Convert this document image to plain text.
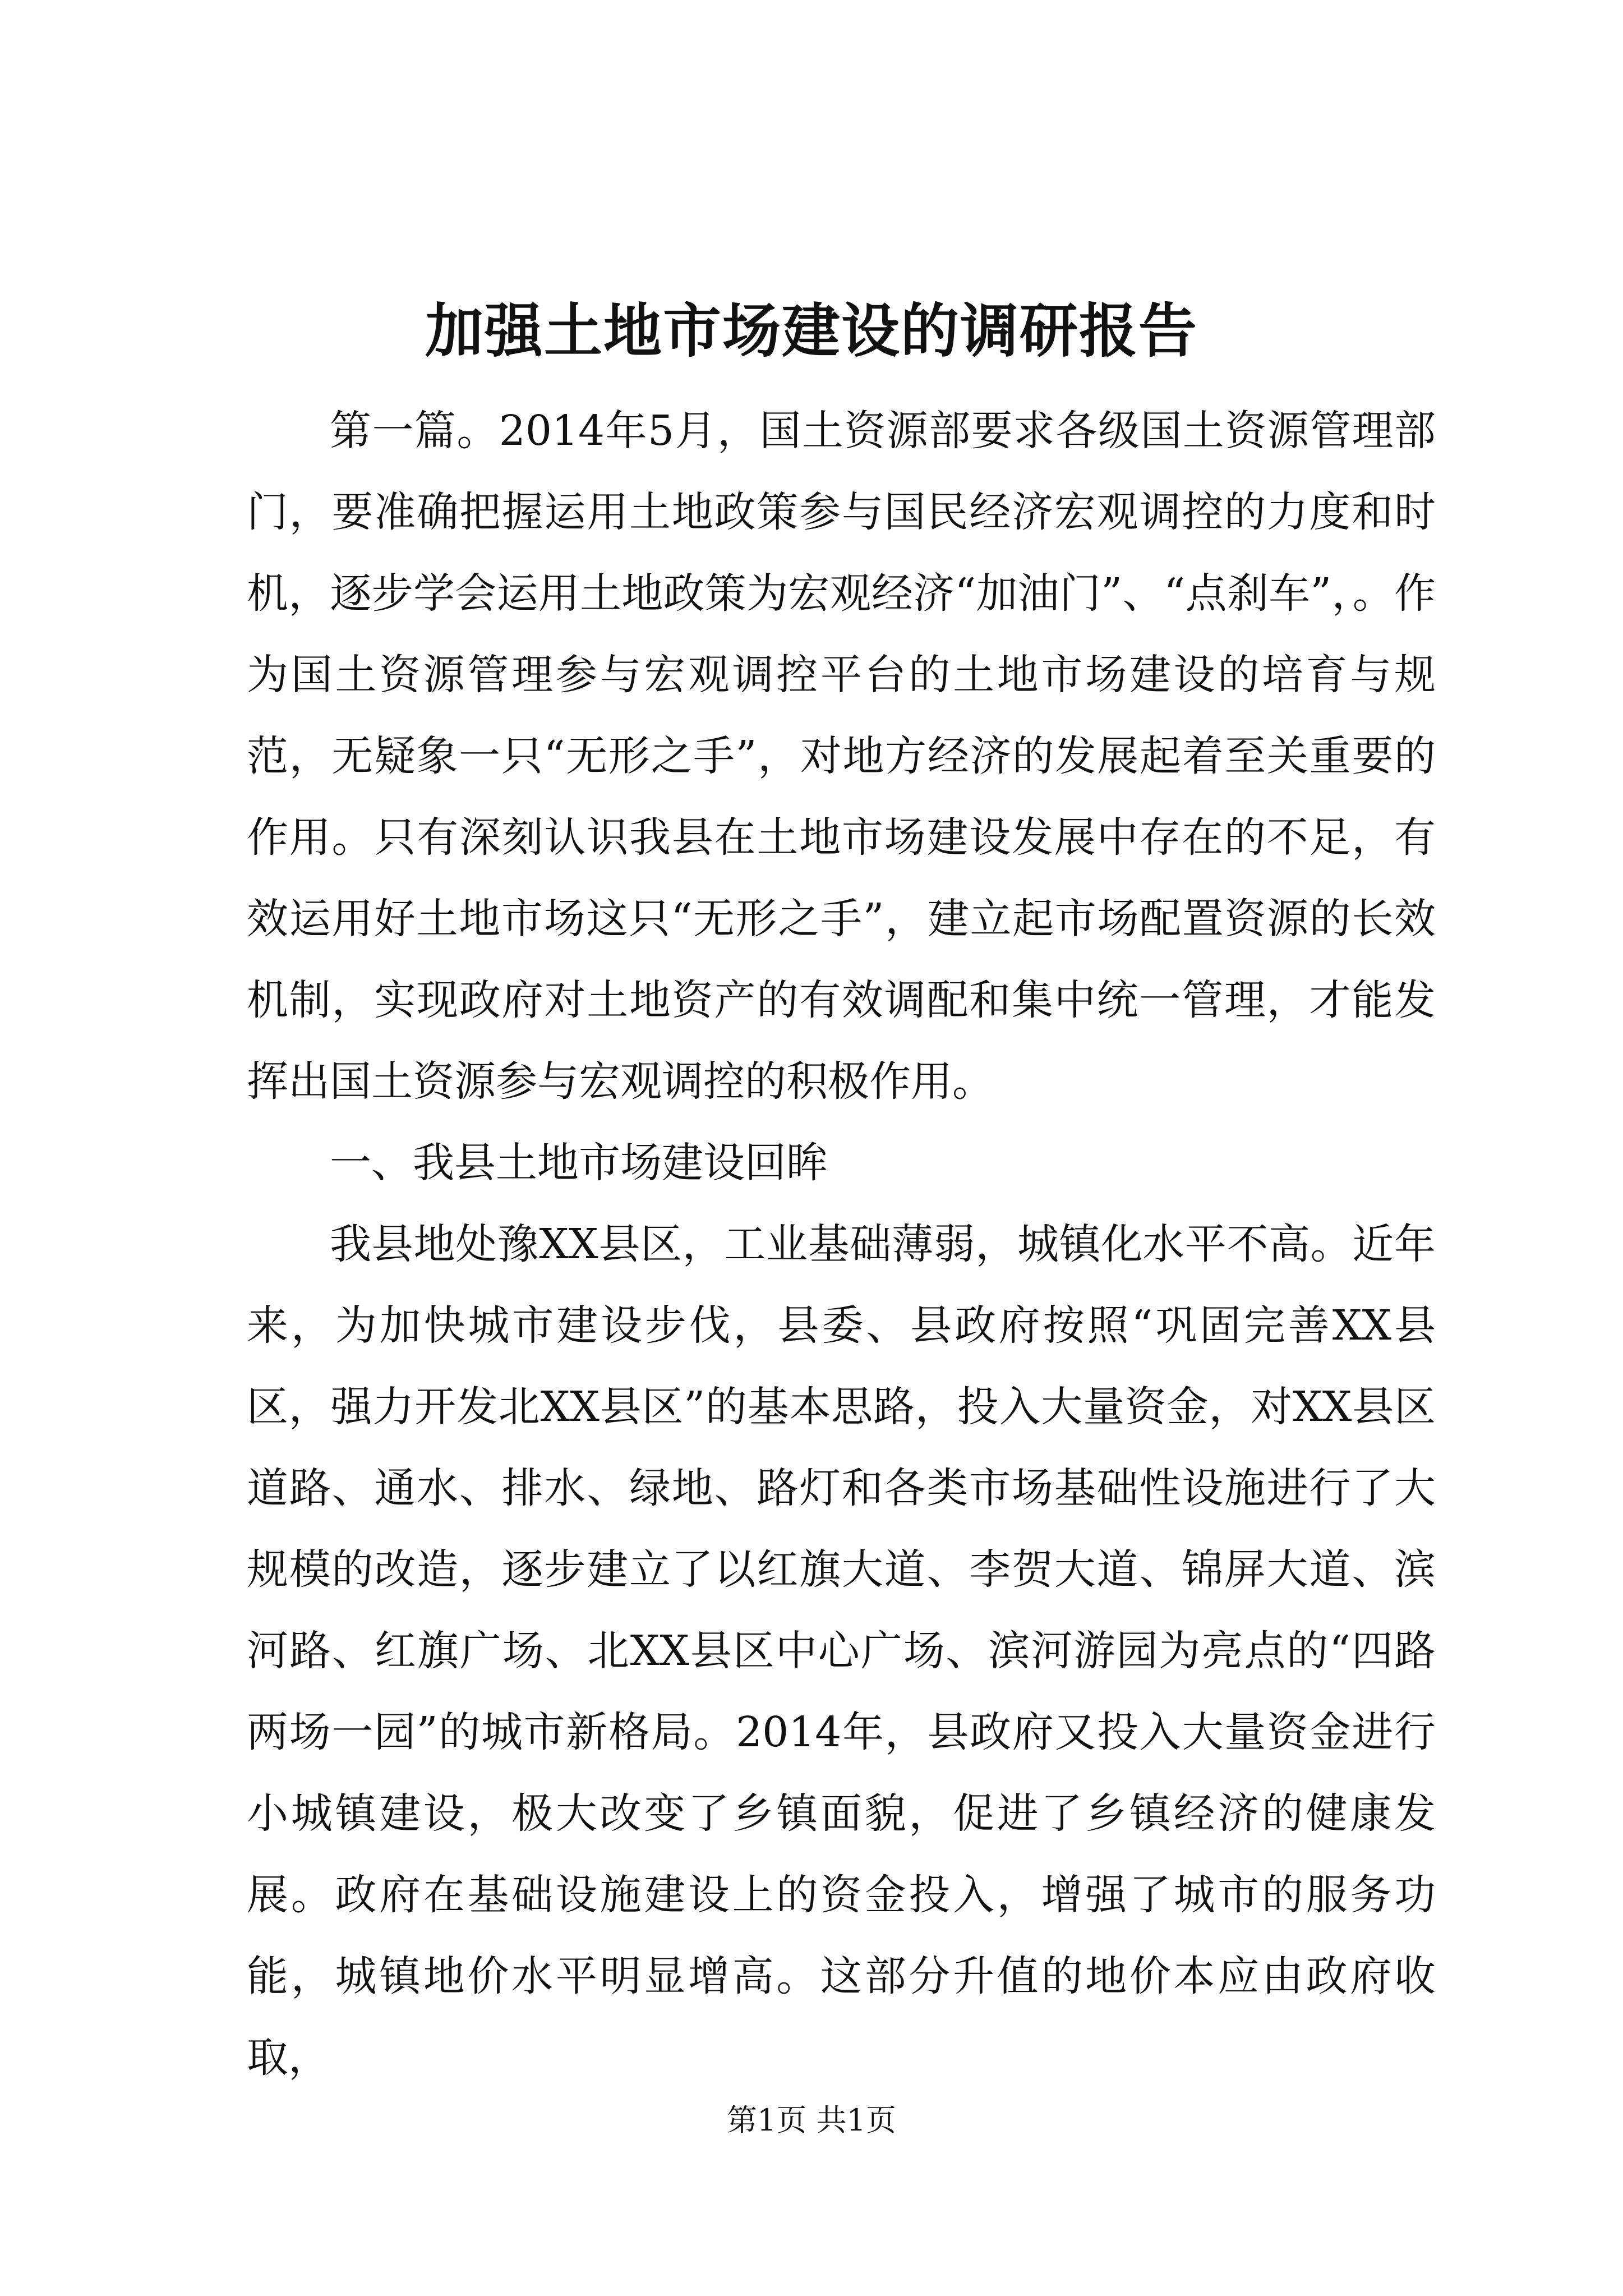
加强土地市场建设的调研报告

第一篇。2014年5月，国土资源部要求各级国土资源管理部门，要准确把握运用土地政策参与国民经济宏观调控的力度和时机，逐步学会运用土地政策为宏观经济“加油门”、“点刹车”，。作为国土资源管理参与宏观调控平台的土地市场建设的培育与规范，无疑象一只“无形之手”，对地方经济的发展起着至关重要的作用。只有深刻认识我县在土地市场建设发展中存在的不足，有效运用好土地市场这只“无形之手”，建立起市场配置资源的长效机制，实现政府对土地资产的有效调配和集中统一管理，才能发挥出国土资源参与宏观调控的积极作用。

一、我县土地市场建设回眸

我县地处豫XX县区，工业基础薄弱，城镇化水平不高。近年来，为加快城市建设步伐，县委、县政府按照“巩固完善XX县区，强力开发北XX县区”的基本思路，投入大量资金，对XX县区道路、通水、排水、绿地、路灯和各类市场基础性设施进行了大规模的改造，逐步建立了以红旗大道、李贺大道、锦屏大道、滨河路、红旗广场、北XX县区中心广场、滨河游园为亮点的“四路两场一园”的城市新格局。2014年，县政府又投入大量资金进行小城镇建设，极大改变了乡镇面貌，促进了乡镇经济的健康发展。政府在基础设施建设上的资金投入，增强了城市的服务功能，城镇地价水平明显增高。这部分升值的地价本应由政府收取，

第1页 共1页
